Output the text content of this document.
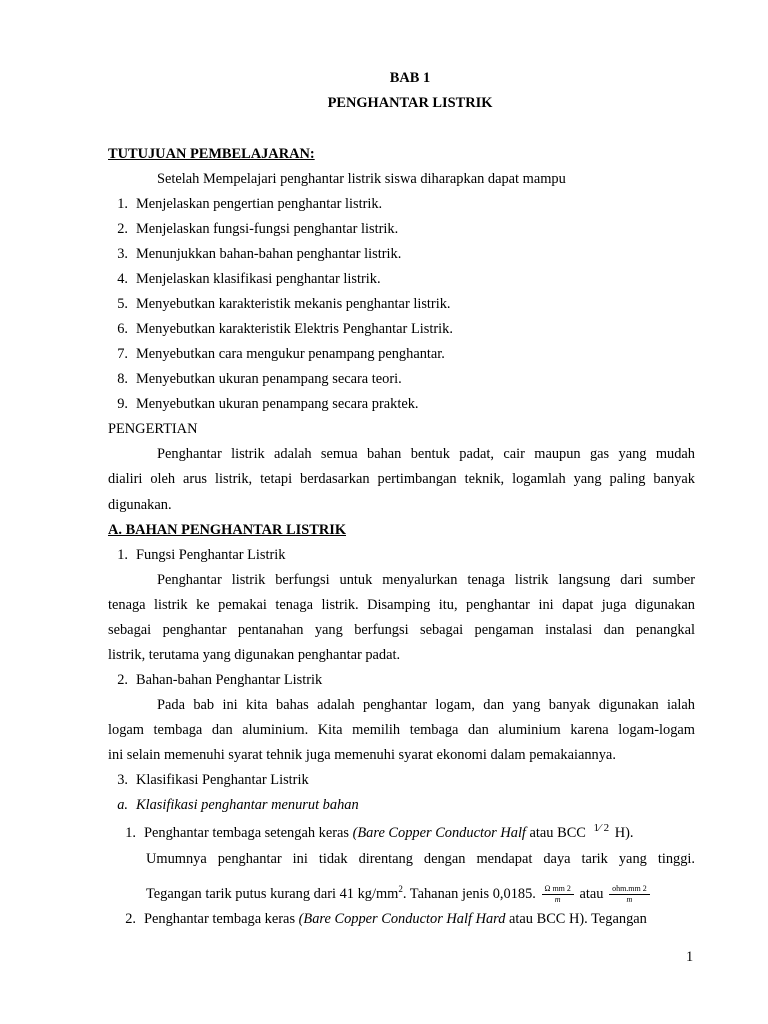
BAB 1
PENGHANTAR LISTRIK
TUTUJUAN PEMBELAJARAN:
Setelah Mempelajari penghantar listrik siswa diharapkan dapat mampu
1. Menjelaskan pengertian penghantar listrik.
2. Menjelaskan fungsi-fungsi penghantar listrik.
3. Menunjukkan bahan-bahan penghantar listrik.
4. Menjelaskan klasifikasi penghantar listrik.
5. Menyebutkan karakteristik mekanis penghantar listrik.
6. Menyebutkan karakteristik Elektris Penghantar Listrik.
7. Menyebutkan cara mengukur penampang penghantar.
8. Menyebutkan ukuran penampang secara teori.
9. Menyebutkan ukuran penampang secara praktek.
PENGERTIAN
Penghantar listrik adalah semua bahan bentuk padat, cair maupun gas yang mudah
dialiri oleh arus listrik, tetapi berdasarkan pertimbangan teknik, logamlah yang paling banyak
digunakan.
A. BAHAN PENGHANTAR LISTRIK
1. Fungsi Penghantar Listrik
Penghantar listrik berfungsi untuk menyalurkan tenaga listrik langsung dari sumber
tenaga listrik ke pemakai tenaga listrik. Disamping itu, penghantar ini dapat juga digunakan
sebagai penghantar pentanahan yang berfungsi sebagai pengaman instalasi dan penangkal
listrik, terutama yang digunakan penghantar padat.
2. Bahan-bahan Penghantar Listrik
Pada bab ini kita bahas adalah penghantar logam, dan yang banyak digunakan ialah
logam tembaga dan aluminium. Kita memilih tembaga dan aluminium karena logam-logam
ini selain memenuhi syarat tehnik juga memenuhi syarat ekonomi dalam pemakaiannya.
3. Klasifikasi Penghantar Listrik
a. Klasifikasi penghantar menurut bahan
1. Penghantar tembaga setengah keras (Bare Copper Conductor Half atau BCC $^{1⁄ 2}$ H).
Umumnya penghantar ini tidak direntang dengan mendapat daya tarik yang tinggi.
Tegangan tarik putus kurang dari 41 $kg/mm^2$. Tahanan jenis 0,0185. $\frac{\text{Ω mm 2}}{m}$ atau $\frac{\text{ohm.mm 2}}{m}$
2. Penghantar tembaga keras (Bare Copper Conductor Half Hard atau BCC H). Tegangan
1
